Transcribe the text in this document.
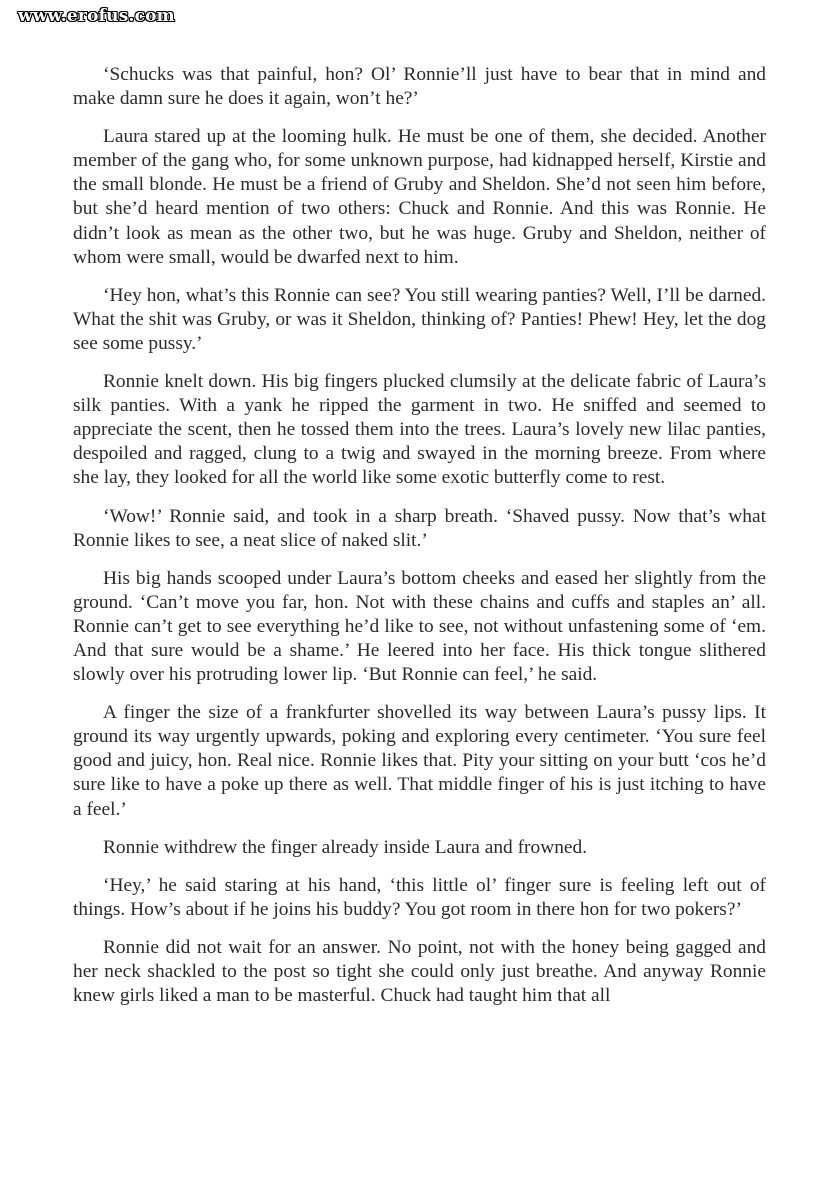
www.erofus.com

‘Schucks was that painful, hon? Ol’ Ronnie’ll just have to bear that in mind and make damn sure he does it again, won’t he?’

Laura stared up at the looming hulk. He must be one of them, she decided. Another member of the gang who, for some unknown purpose, had kidnapped herself, Kirstie and the small blonde. He must be a friend of Gruby and Sheldon. She’d not seen him before, but she’d heard mention of two others: Chuck and Ronnie. And this was Ronnie. He didn’t look as mean as the other two, but he was huge. Gruby and Sheldon, neither of whom were small, would be dwarfed next to him.

‘Hey hon, what’s this Ronnie can see? You still wearing panties? Well, I’ll be darned. What the shit was Gruby, or was it Sheldon, thinking of? Panties! Phew! Hey, let the dog see some pussy.’

Ronnie knelt down. His big fingers plucked clumsily at the delicate fabric of Laura’s silk panties. With a yank he ripped the garment in two. He sniffed and seemed to appreciate the scent, then he tossed them into the trees. Laura’s lovely new lilac panties, despoiled and ragged, clung to a twig and swayed in the morning breeze. From where she lay, they looked for all the world like some exotic butterfly come to rest.

‘Wow!’ Ronnie said, and took in a sharp breath. ‘Shaved pussy. Now that’s what Ronnie likes to see, a neat slice of naked slit.’

His big hands scooped under Laura’s bottom cheeks and eased her slightly from the ground. ‘Can’t move you far, hon. Not with these chains and cuffs and staples an’ all. Ronnie can’t get to see everything he’d like to see, not without unfastening some of ‘em. And that sure would be a shame.’ He leered into her face. His thick tongue slithered slowly over his protruding lower lip. ‘But Ronnie can feel,’ he said.

A finger the size of a frankfurter shovelled its way between Laura’s pussy lips. It ground its way urgently upwards, poking and exploring every centimeter. ‘You sure feel good and juicy, hon. Real nice. Ronnie likes that. Pity your sitting on your butt ‘cos he’d sure like to have a poke up there as well. That middle finger of his is just itching to have a feel.’

Ronnie withdrew the finger already inside Laura and frowned.

‘Hey,’ he said staring at his hand, ‘this little ol’ finger sure is feeling left out of things. How’s about if he joins his buddy? You got room in there hon for two pokers?’

Ronnie did not wait for an answer. No point, not with the honey being gagged and her neck shackled to the post so tight she could only just breathe. And anyway Ronnie knew girls liked a man to be masterful. Chuck had taught him that all
